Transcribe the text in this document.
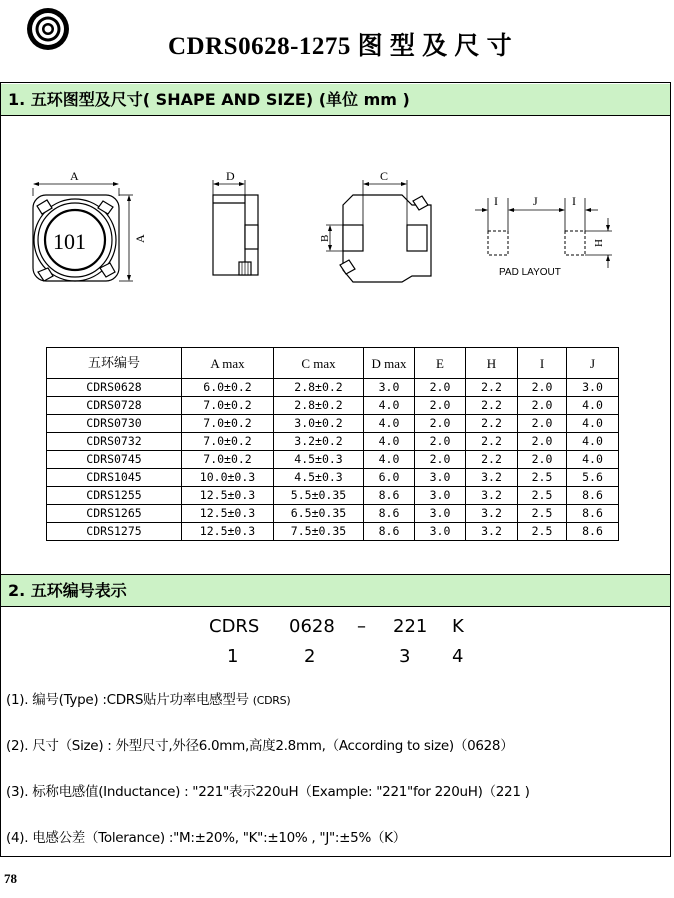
CDRS0628-1275 图 型 及 尺 寸
1. 五环图型及尺寸( SHAPE AND SIZE) (单位 mm )
A
A
101
D	C
B
I	J	I
H
PAD LAYOUT
五环编号	A max	C max	D max	E	H	I	J
CDRS0628	6.0±0.2	2.8±0.2	3.0	2.0	2.2	2.0	3.0
CDRS0728	7.0±0.2	2.8±0.2	4.0	2.0	2.2	2.0	4.0
CDRS0730	7.0±0.2	3.0±0.2	4.0	2.0	2.2	2.0	4.0
CDRS0732	7.0±0.2	3.2±0.2	4.0	2.0	2.2	2.0	4.0
CDRS0745	7.0±0.2	4.5±0.3	4.0	2.0	2.2	2.0	4.0
CDRS1045	10.0±0.3	4.5±0.3	6.0	3.0	3.2	2.5	5.6
CDRS1255	12.5±0.3	5.5±0.35	8.6	3.0	3.2	2.5	8.6
CDRS1265	12.5±0.3	6.5±0.35	8.6	3.0	3.2	2.5	8.6
CDRS1275	12.5±0.3	7.5±0.35	8.6	3.0	3.2	2.5	8.6
2. 五环编号表示
CDRS 0628 – 221 K
1	2	3 4
(1). 编号(Type) :CDRS贴片功率电感型号 (CDRS)
(2). 尺寸（Size) : 外型尺寸,外径6.0mm,高度2.8mm,（According to size)（0628）
(3). 标称电感值(Inductance) : "221"表示220uH（Example: "221"for 220uH)（221 )
(4). 电感公差（Tolerance) :"M:±20%, "K":±10% , "J":±5%（K）
78
